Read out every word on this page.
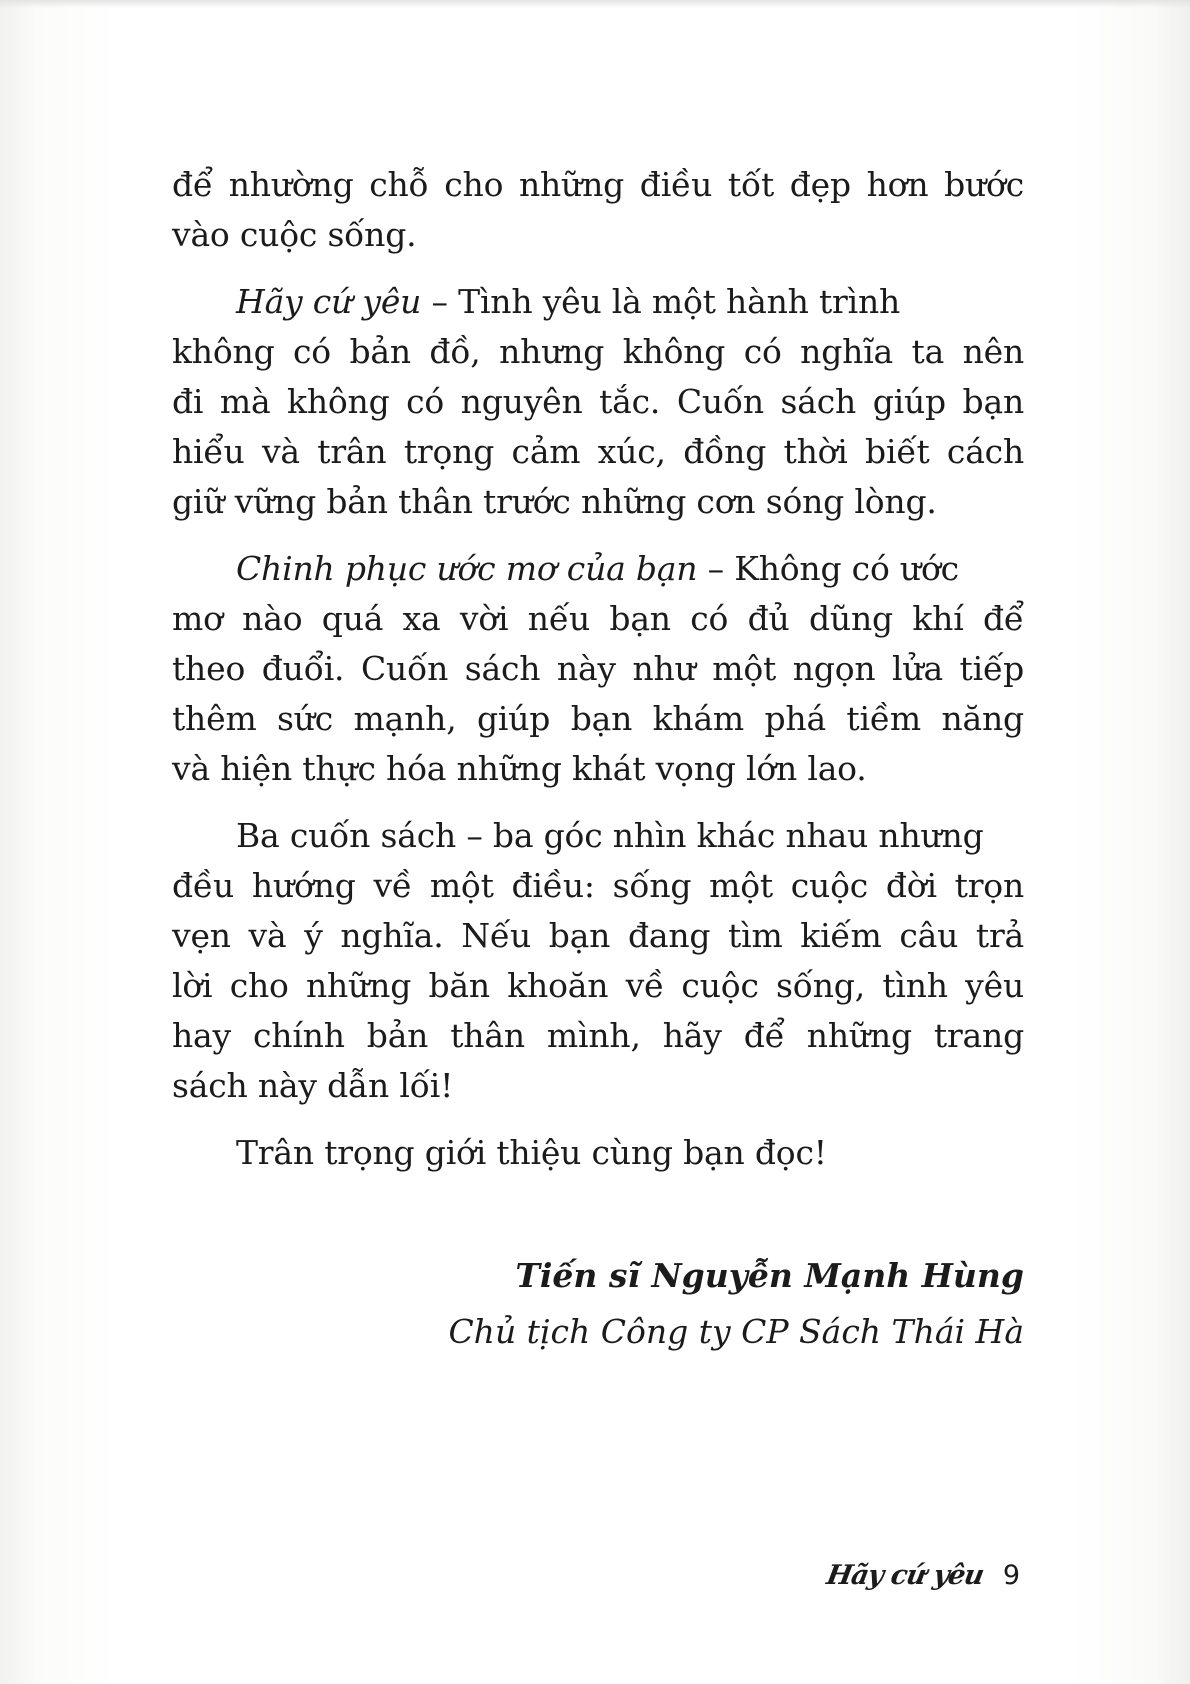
để nhường chỗ cho những điều tốt đẹp hơn bước
vào cuộc sống.
Hãy cứ yêu – Tình yêu là một hành trình
không có bản đồ, nhưng không có nghĩa ta nên
đi mà không có nguyên tắc. Cuốn sách giúp bạn
hiểu và trân trọng cảm xúc, đồng thời biết cách
giữ vững bản thân trước những cơn sóng lòng.
Chinh phục ước mơ của bạn – Không có ước
mơ nào quá xa vời nếu bạn có đủ dũng khí để
theo đuổi. Cuốn sách này như một ngọn lửa tiếp
thêm sức mạnh, giúp bạn khám phá tiềm năng
và hiện thực hóa những khát vọng lớn lao.
Ba cuốn sách – ba góc nhìn khác nhau nhưng
đều hướng về một điều: sống một cuộc đời trọn
vẹn và ý nghĩa. Nếu bạn đang tìm kiếm câu trả
lời cho những băn khoăn về cuộc sống, tình yêu
hay chính bản thân mình, hãy để những trang
sách này dẫn lối!
Trân trọng giới thiệu cùng bạn đọc!
Tiến sĩ Nguyễn Mạnh Hùng
Chủ tịch Công ty CP Sách Thái Hà
Hãy cứ yêu 9
